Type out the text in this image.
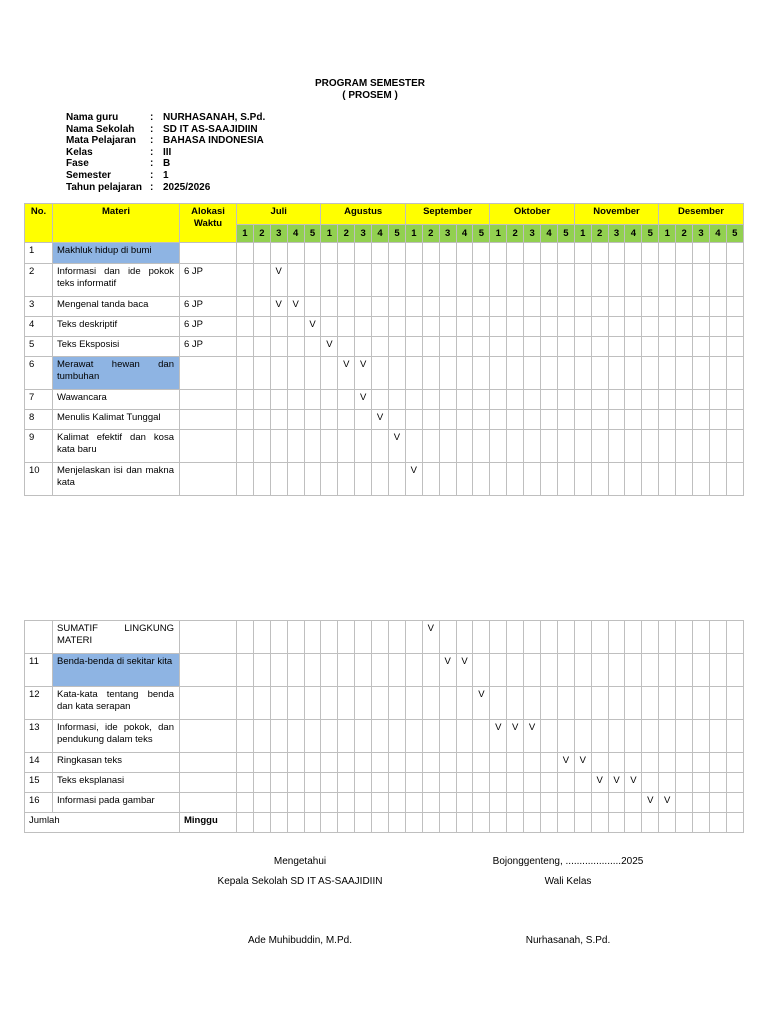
PROGRAM SEMESTER
( PROSEM )
Nama guru	:	NURHASANAH, S.Pd.
Nama Sekolah	:	SD IT AS-SAAJIDIIN
Mata Pelajaran	:	BAHASA INDONESIA
Kelas	:	III
Fase	:	B
Semester	:	1
Tahun pelajaran	:	2025/2026
No.	Materi	Alokasi Waktu	Juli					Agustus					September					Oktober					November					Desember				
			1	2	3	4	5	1	2	3	4	5	1	2	3	4	5	1	2	3	4	5	1	2	3	4	5	1	2	3	4	5
1	Makhluk hidup di bumi																															
2	Informasi dan ide pokok teks informatif	6 JP			V																											
3	Mengenal tanda baca	6 JP			V	V																										
4	Teks deskriptif	6 JP					V																									
5	Teks Eksposisi	6 JP						V																								
6	Merawat hewan dan tumbuhan								V	V																						
7	Wawancara									V																						
8	Menulis Kalimat Tunggal										V																					
9	Kalimat efektif dan kosa kata baru											V																				
10	Menjelaskan isi dan makna kata												V																			
	SUMATIF LINGKUNG MATERI													V																		
11	Benda-benda di sekitar kita														V	V																
12	Kata-kata tentang benda dan kata serapan																V															
13	Informasi, ide pokok, dan pendukung dalam teks																	V	V	V												
14	Ringkasan teks																					V	V									
15	Teks eksplanasi																							V	V	V						
16	Informasi pada gambar																										V	V				
Jumlah		Minggu																														
Mengetahui
Kepala Sekolah SD IT AS-SAAJIDIIN
Ade Muhibuddin, M.Pd.
Bojonggenteng, ....................2025
Wali Kelas
Nurhasanah, S.Pd.
